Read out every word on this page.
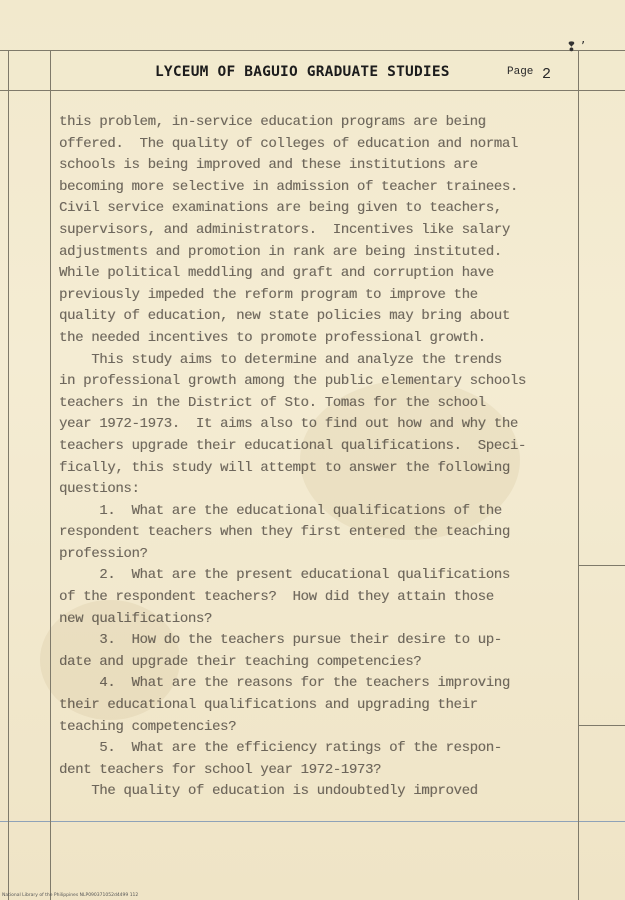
❢ ’
LYCEUM OF BAGUIO GRADUATE STUDIES	Page 2
this problem, in-service education programs are being
offered.  The quality of colleges of education and normal
schools is being improved and these institutions are
becoming more selective in admission of teacher trainees.
Civil service examinations are being given to teachers,
supervisors, and administrators.  Incentives like salary
adjustments and promotion in rank are being instituted.
While political meddling and graft and corruption have
previously impeded the reform program to improve the
quality of education, new state policies may bring about
the needed incentives to promote professional growth.
This study aims to determine and analyze the trends
in professional growth among the public elementary schools
teachers in the District of Sto. Tomas for the school
year 1972-1973.  It aims also to find out how and why the
teachers upgrade their educational qualifications.  Speci-
fically, this study will attempt to answer the following
questions:
1.  What are the educational qualifications of the
respondent teachers when they first entered the teaching
profession?
2.  What are the present educational qualifications
of the respondent teachers?  How did they attain those
new qualifications?
3.  How do the teachers pursue their desire to up-
date and upgrade their teaching competencies?
4.  What are the reasons for the teachers improving
their educational qualifications and upgrading their
teaching competencies?
5.  What are the efficiency ratings of the respon-
dent teachers for school year 1972-1973?
The quality of education is undoubtedly improved
National Library of the Philippines NLP090371052d4499 112
